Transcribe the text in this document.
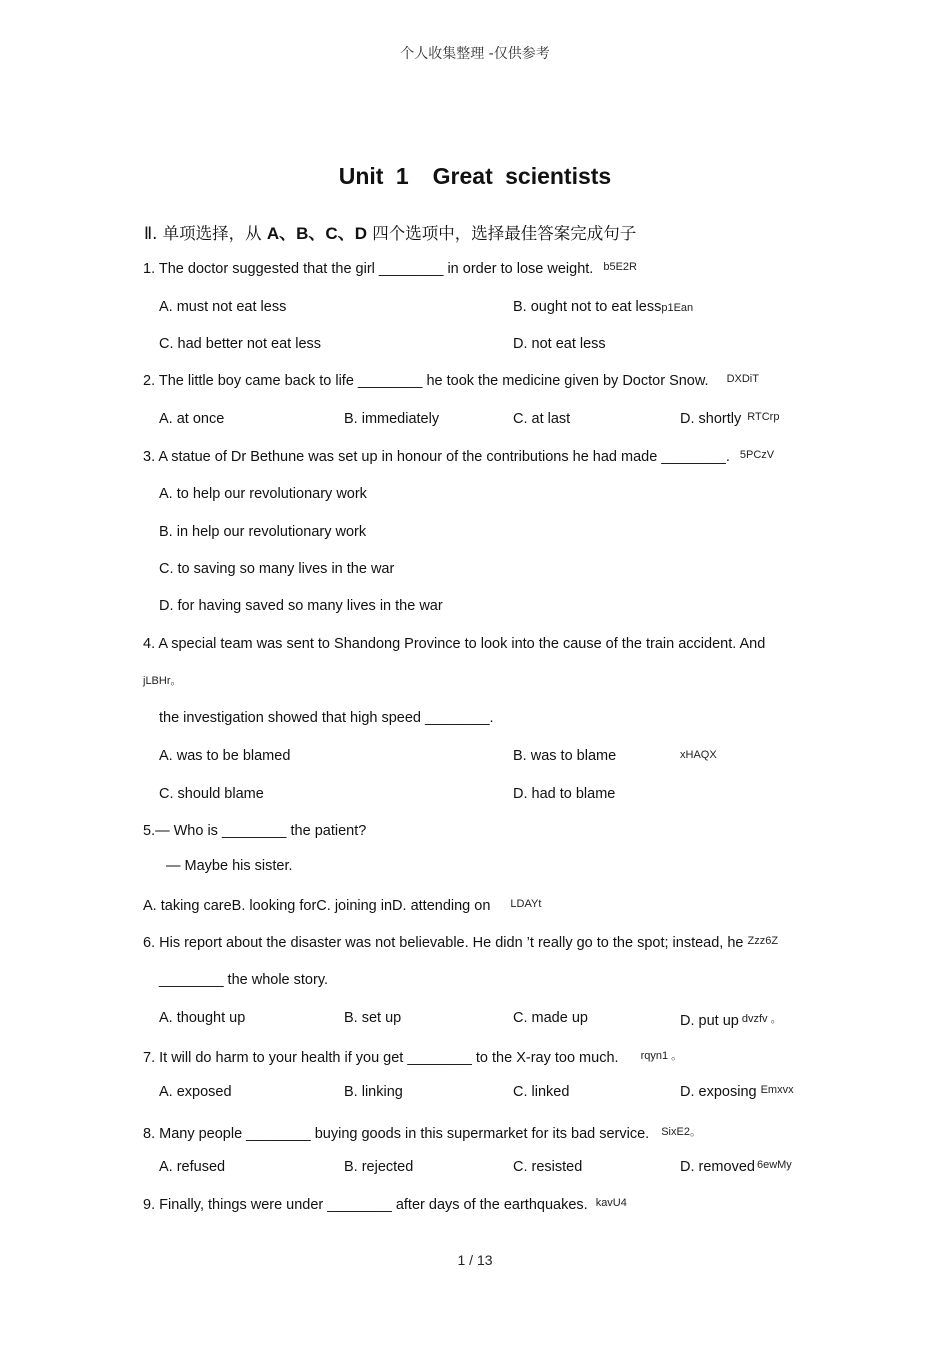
个人收集整理 -仅供参考
Unit 1 Great scientists
Ⅱ. 单项选择，从 A、B、C、D 四个选项中，选择最佳答案完成句子
1. The doctor suggested that the girl ________ in order to lose weight. $^{b5E2R}$
A. must not eat less	B. ought not to eat lessp1Ean
C. had better not eat less	D. not eat less
2. The little boy came back to life ________ he took the medicine given by Doctor Snow. $^{DXDiT}$
A. at once	B. immediately	C. at last	D. shortly $^{RTCrp}$
3. A statue of Dr Bethune was set up in honour of the contributions he had made ________. $^{5PCzV}$
A. to help our revolutionary work
B. in help our revolutionary work
C. to saving so many lives in the war
D. for having saved so many lives in the war
4. A special team was sent to Shandong Province to look into the cause of the train accident. And
jLBHr。
the investigation showed that high speed ________.
A. was to be blamed	B. was to blame	xHAQX
C. should blame	D. had to blame
5.— Who is ________ the patient?
— Maybe his sister.
A. taking careB. looking forC. joining inD. attending on $^{LDAYt}$
6. His report about the disaster was not believable. He didn ’t really go to the spot; instead, he $^{Zzz6Z}$
________ the whole story.
A. thought up	B. set up	C. made up	D. put up $^{dvzfv 。}$
7. It will do harm to your health if you get ________ to the X-ray too much. $^{rqyn1 。}$
A. exposed	B. linking	C. linked	D. exposing $^{Emxvx}$
8. Many people ________ buying goods in this supermarket for its bad service. $^{SixE2。}$
A. refused	B. rejected	C. resisted	D. removed $^{6ewMy}$
9. Finally, things were under ________ after days of the earthquakes. $^{kavU4}$
1 / 13
